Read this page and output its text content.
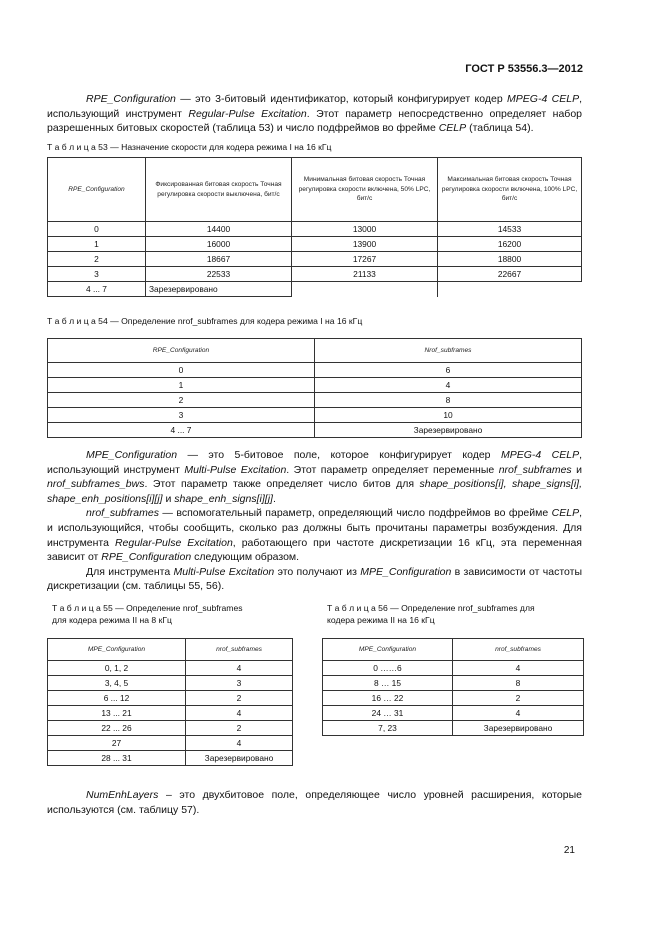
ГОСТ Р 53556.3—2012

RPE_Configuration — это 3-битовый идентификатор, который конфигурирует кодер MPEG-4 CELP, использующий инструмент Regular-Pulse Excitation. Этот параметр непосредственно определяет набор разрешенных битовых скоростей (таблица 53) и число подфреймов во фрейме CELP (таблица 54).

Т а б л и ц а 53 — Назначение скорости для кодера режима I на 16 кГц
RPE_Configuration	Фиксированная битовая скорость Точная регулировка скорости выключена, бит/с	Минимальная битовая скорость Точная регулировка скорости включена, 50% LPC, бит/с	Максимальная битовая скорость Точная регулировка скорости включена, 100% LPC, бит/с
0	14400	13000	14533
1	16000	13900	16200
2	18667	17267	18800
3	22533	21133	22667
4 ... 7	Зарезервировано		
Т а б л и ц а 54 — Определение nrof_subframes для кодера режима I на 16 кГц
RPE_Configuration	Nrof_subframes
0	6
1	4
2	8
3	10
4 ... 7	Зарезервировано

MPE_Configuration — это 5-битовое поле, которое конфигурирует кодер MPEG-4 CELP, использующий инструмент Multi-Pulse Excitation. Этот параметр определяет переменные nrof_subframes и nrof_subframes_bws. Этот параметр также определяет число битов для shape_positions[i], shape_signs[i], shape_enh_positions[i][j] и shape_enh_signs[i][j].

nrof_subframes — вспомогательный параметр, определяющий число подфреймов во фрейме CELP, и использующийся, чтобы сообщить, сколько раз должны быть прочитаны параметры возбуждения. Для инструмента Regular-Pulse Excitation, работающего при частоте дискретизации 16 кГц, эта переменная зависит от RPE_Configuration следующим образом.

Для инструмента Multi-Pulse Excitation это получают из MPE_Configuration в зависимости от частоты дискретизации (см. таблицы 55, 56).

Т а б л и ц а 55 — Определение nrof_subframes
для кодера режима II на 8 кГц
MPE_Configuration	nrof_subframes
0, 1, 2	4
3, 4, 5	3
6 ... 12	2
13 ... 21	4
22 ... 26	2
27	4
28 ... 31	Зарезервировано
Т а б л и ц а 56 — Определение nrof_subframes для
кодера режима II на 16 кГц
MPE_Configuration	nrof_subframes
0 ……6	4
8 … 15	8
16 … 22	2
24 … 31	4
7, 23	Зарезервировано

NumEnhLayers – это двухбитовое поле, определяющее число уровней расширения, которые используются (см. таблицу 57).

21
